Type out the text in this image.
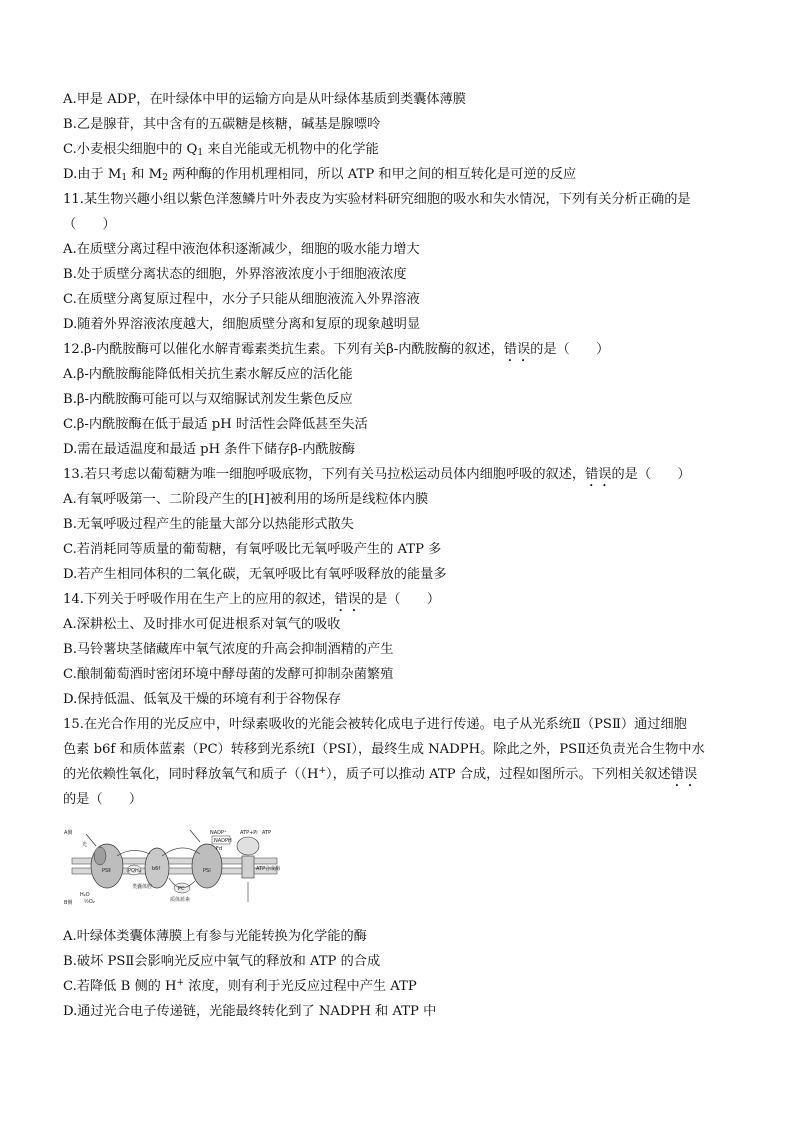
A.甲是 ADP，在叶绿体中甲的运输方向是从叶绿体基质到类囊体薄膜
B.乙是腺苷，其中含有的五碳糖是核糖，碱基是腺嘌呤
C.小麦根尖细胞中的 $Q_1$ 来自光能或无机物中的化学能
D.由于 $M_1$ 和 $M_2$ 两种酶的作用机理相同，所以 ATP 和甲之间的相互转化是可逆的反应
11.某生物兴趣小组以紫色洋葱鳞片叶外表皮为实验材料研究细胞的吸水和失水情况，下列有关分析正确的是
（　　）
A.在质壁分离过程中液泡体积逐渐减少，细胞的吸水能力增大
B.处于质壁分离状态的细胞，外界溶液浓度小于细胞液浓度
C.在质壁分离复原过程中，水分子只能从细胞液流入外界溶液
D.随着外界溶液浓度越大，细胞质壁分离和复原的现象越明显
12.β-内酰胺酶可以催化水解青霉素类抗生素。下列有关β-内酰胺酶的叙述，错误的是（　　）
A.β-内酰胺酶能降低相关抗生素水解反应的活化能
B.β-内酰胺酶可能可以与双缩脲试剂发生紫色反应
C.β-内酰胺酶在低于最适 pH 时活性会降低甚至失活
D.需在最适温度和最适 pH 条件下储存β-内酰胺酶
13.若只考虑以葡萄糖为唯一细胞呼吸底物，下列有关马拉松运动员体内细胞呼吸的叙述，错误的是（　　）
A.有氧呼吸第一、二阶段产生的[H]被利用的场所是线粒体内膜
B.无氧呼吸过程产生的能量大部分以热能形式散失
C.若消耗同等质量的葡萄糖，有氧呼吸比无氧呼吸产生的 ATP 多
D.若产生相同体积的二氧化碳，无氧呼吸比有氧呼吸释放的能量多
14.下列关于呼吸作用在生产上的应用的叙述，错误的是（　　）
A.深耕松土、及时排水可促进根系对氧气的吸收
B.马铃薯块茎储藏库中氧气浓度的升高会抑制酒精的产生
C.酿制葡萄酒时密闭环境中酵母菌的发酵可抑制杂菌繁殖
D.保持低温、低氧及干燥的环境有利于谷物保存
15.在光合作用的光反应中，叶绿素吸收的光能会被转化成电子进行传递。电子从光系统Ⅱ（PSⅡ）通过细胞
色素 b6f 和质体蓝素（PC）转移到光系统Ⅰ（PSI），最终生成 NADPH。除此之外，PSⅡ还负责光合生物中水
的光依赖性氧化，同时释放氧气和质子（（H+），质子可以推动 ATP 合成，过程如图所示。下列相关叙述错误
的是（　　）
A侧
B侧
NADP⁺
NADPH
ATP+Pi ATP
光
H₂O
½O₂
PSⅡ	PSI
PQH₂ b6f
PC
Fd
类囊体腔
质体蓝素
ATP合成酶
A.叶绿体类囊体薄膜上有参与光能转换为化学能的酶
B.破坏 PSⅡ会影响光反应中氧气的释放和 ATP 的合成
C.若降低 B 侧的 H+ 浓度，则有利于光反应过程中产生 ATP
D.通过光合电子传递链，光能最终转化到了 NADPH 和 ATP 中
